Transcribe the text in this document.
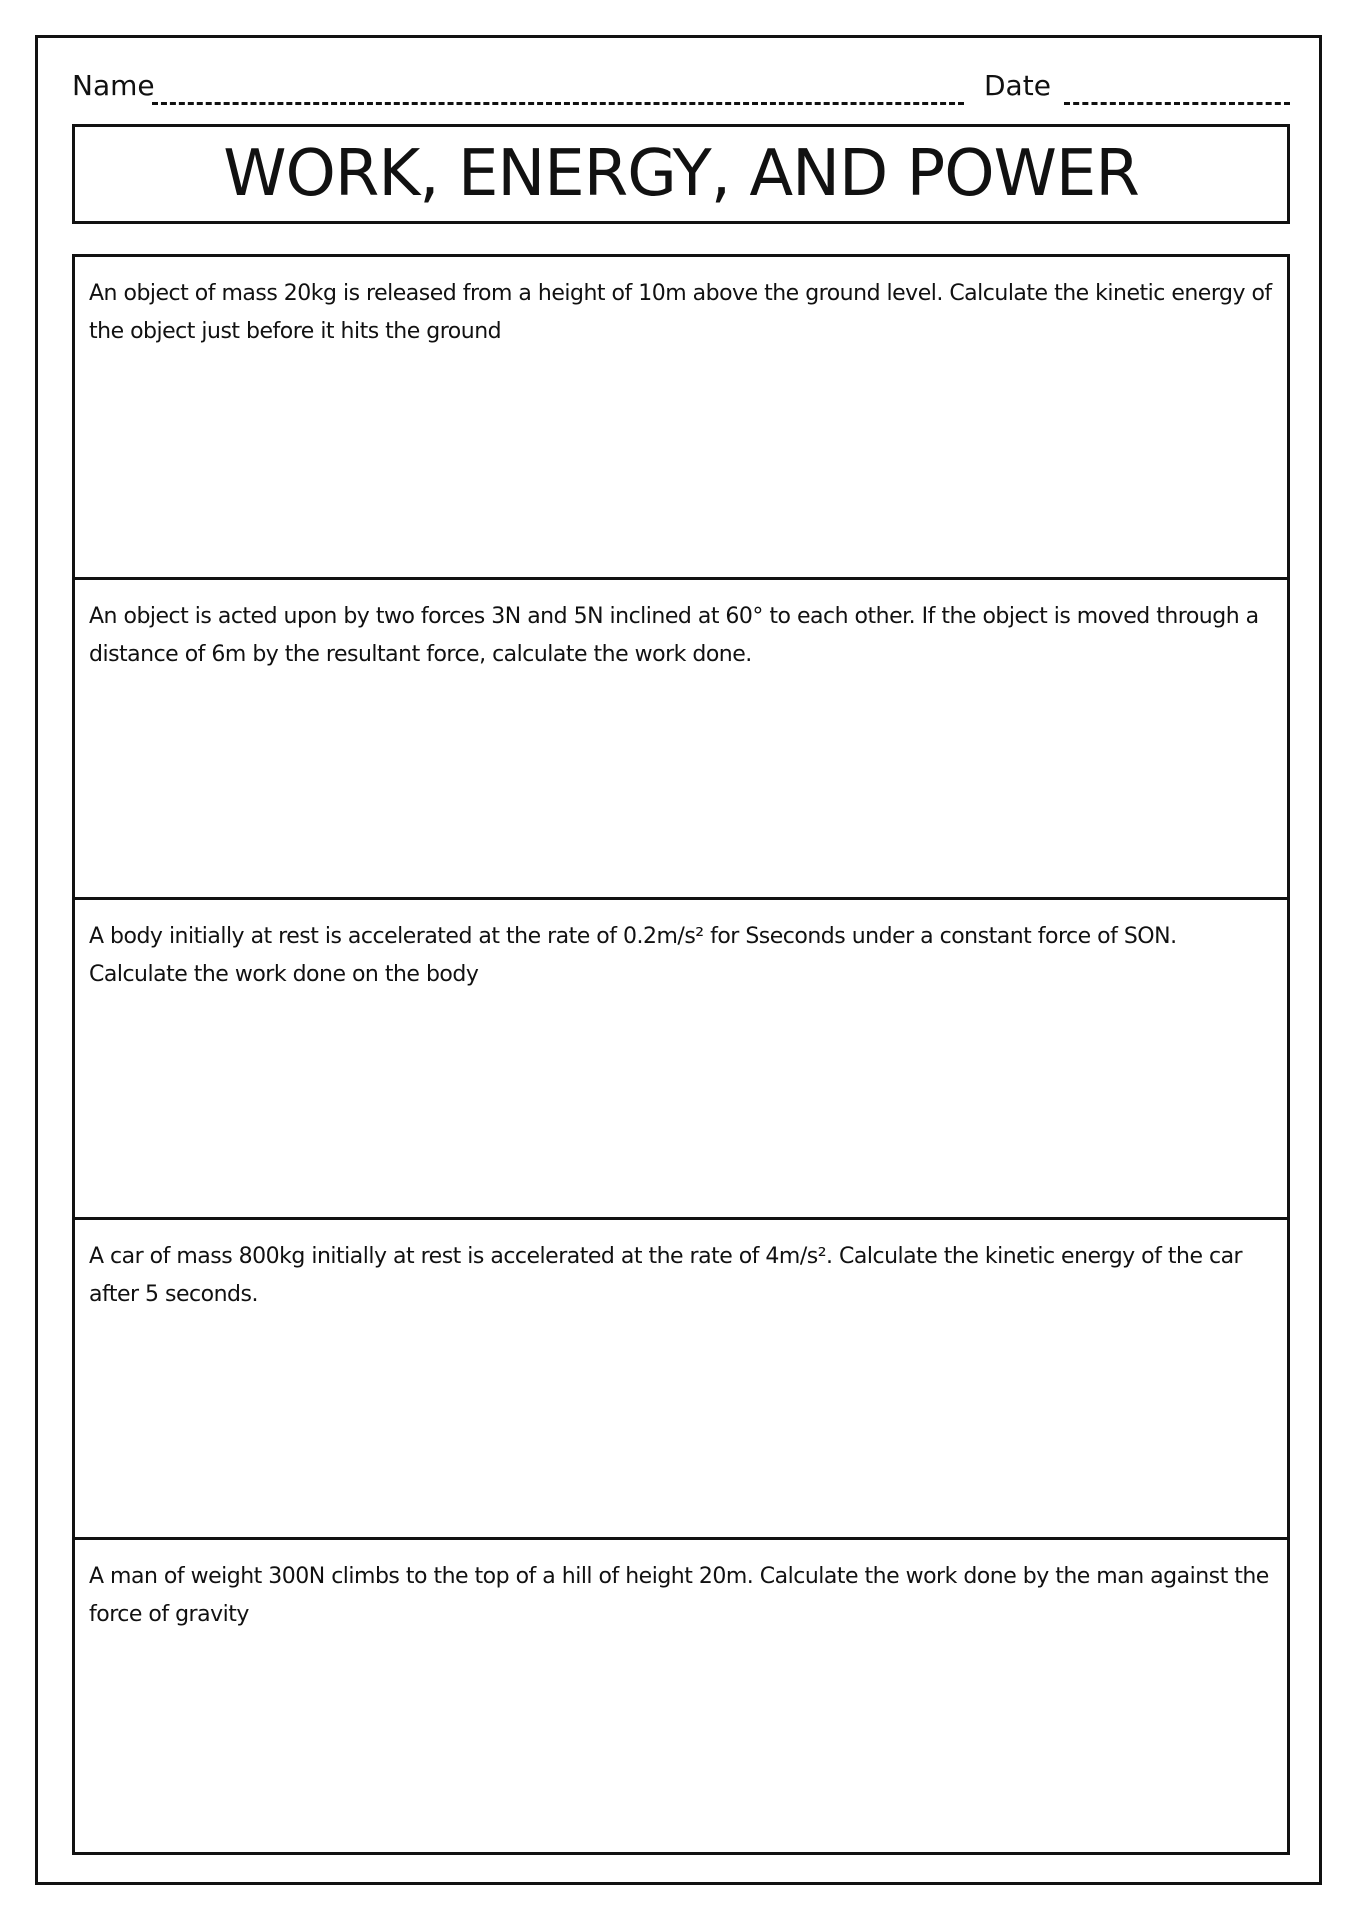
Name	Date
WORK, ENERGY, AND POWER

An object of mass 20kg is released from a height of 10m above the ground level. Calculate the kinetic energy of the object just before it hits the ground

An object is acted upon by two forces 3N and 5N inclined at 60° to each other. If the object is moved through a distance of 6m by the resultant force, calculate the work done.

A body initially at rest is accelerated at the rate of 0.2m/s² for Sseconds under a constant force of SON. Calculate the work done on the body

A car of mass 800kg initially at rest is accelerated at the rate of 4m/s². Calculate the kinetic energy of the car after 5 seconds.

A man of weight 300N climbs to the top of a hill of height 20m. Calculate the work done by the man against the force of gravity
